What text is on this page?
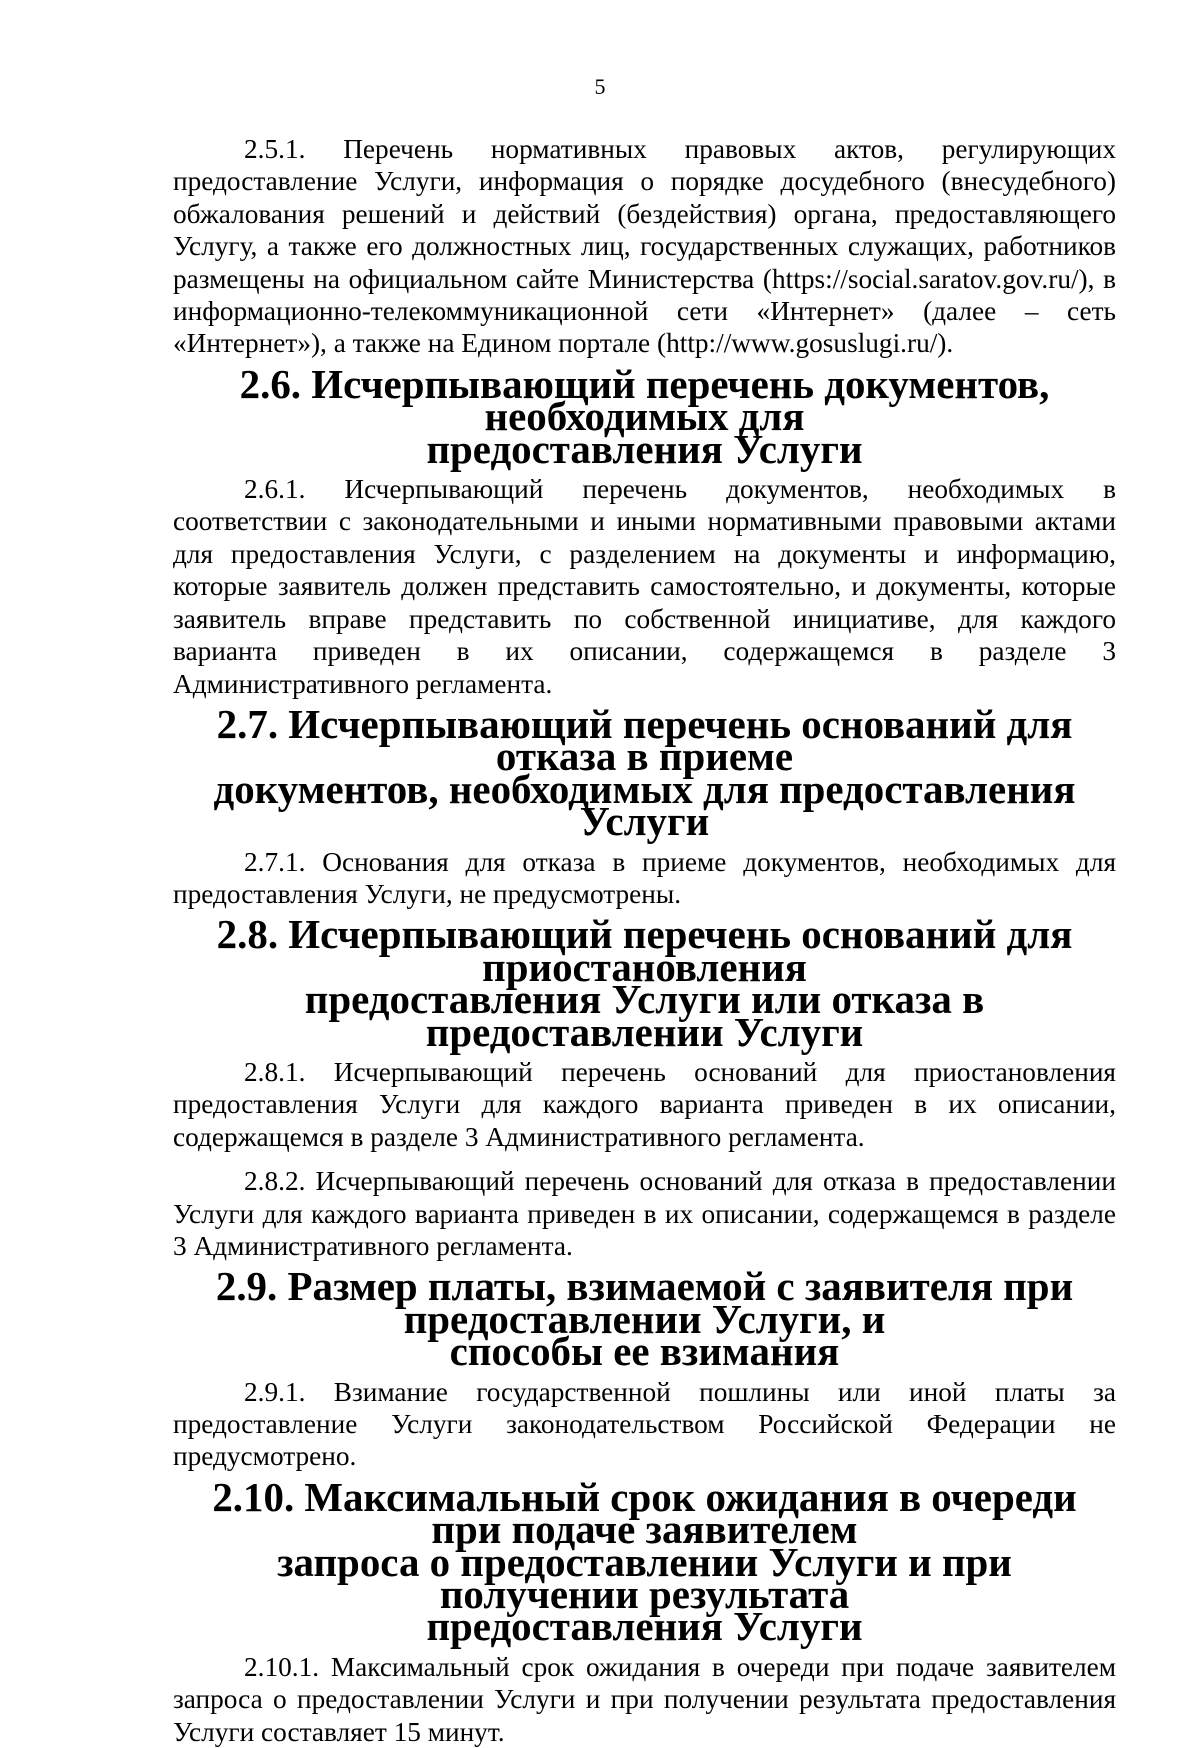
5

2.5.1. Перечень нормативных правовых актов, регулирующих предоставление Услуги, информация о порядке досудебного (внесудебного) обжалования решений и действий (бездействия) органа, предоставляющего Услугу, а также его должностных лиц, государственных служащих, работников размещены на официальном сайте Министерства (https://social.saratov.gov.ru/), в информационно-телекоммуникационной сети «Интернет» (далее – сеть «Интернет»), а также на Едином портале (http://www.gosuslugi.ru/).

2.6. Исчерпывающий перечень документов, необходимых для
предоставления Услуги

2.6.1. Исчерпывающий перечень документов, необходимых в соответствии с законодательными и иными нормативными правовыми актами для предоставления Услуги, с разделением на документы и информацию, которые заявитель должен представить самостоятельно, и документы, которые заявитель вправе представить по собственной инициативе, для каждого варианта приведен в их описании, содержащемся в разделе 3 Административного регламента.

2.7. Исчерпывающий перечень оснований для отказа в приеме
документов, необходимых для предоставления Услуги

2.7.1. Основания для отказа в приеме документов, необходимых для предоставления Услуги, не предусмотрены.

2.8. Исчерпывающий перечень оснований для приостановления
предоставления Услуги или отказа в предоставлении Услуги

2.8.1. Исчерпывающий перечень оснований для приостановления предоставления Услуги для каждого варианта приведен в их описании, содержащемся в разделе 3 Административного регламента.

2.8.2. Исчерпывающий перечень оснований для отказа в предоставлении Услуги для каждого варианта приведен в их описании, содержащемся в разделе 3 Административного регламента.

2.9. Размер платы, взимаемой с заявителя при предоставлении Услуги, и
способы ее взимания

2.9.1. Взимание государственной пошлины или иной платы за предоставление Услуги законодательством Российской Федерации не предусмотрено.

2.10. Максимальный срок ожидания в очереди при подаче заявителем
запроса о предоставлении Услуги и при получении результата
предоставления Услуги

2.10.1. Максимальный срок ожидания в очереди при подаче заявителем запроса о предоставлении Услуги и при получении результата предоставления Услуги составляет 15 минут.
